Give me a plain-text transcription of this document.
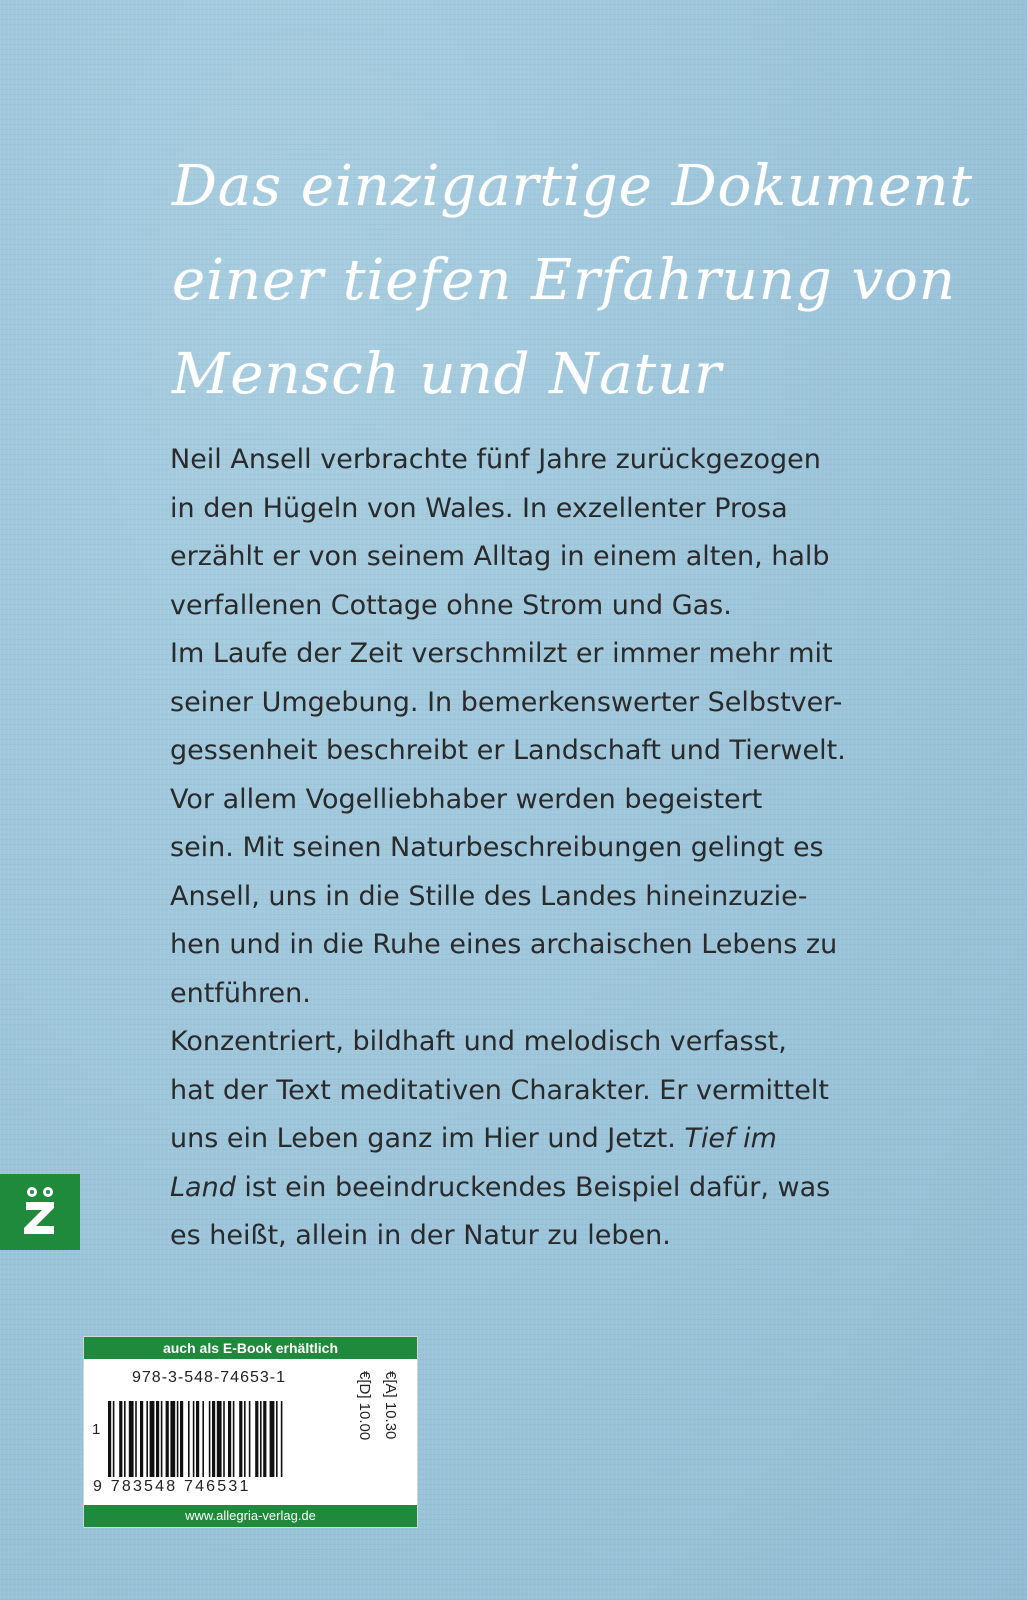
Das einzigartige Dokument
einer tiefen Erfahrung von
Mensch und Natur
Neil Ansell verbrachte fünf Jahre zurückgezogen
in den Hügeln von Wales. In exzellenter Prosa
erzählt er von seinem Alltag in einem alten, halb
verfallenen Cottage ohne Strom und Gas.
Im Laufe der Zeit verschmilzt er immer mehr mit
seiner Umgebung. In bemerkenswerter Selbstver-
gessenheit beschreibt er Landschaft und Tierwelt.
Vor allem Vogelliebhaber werden begeistert
sein. Mit seinen Naturbeschreibungen gelingt es
Ansell, uns in die Stille des Landes hineinzuzie-
hen und in die Ruhe eines archaischen Lebens zu
entführen.
Konzentriert, bildhaft und melodisch verfasst,
hat der Text meditativen Charakter. Er vermittelt
uns ein Leben ganz im Hier und Jetzt. Tief im
Land ist ein beeindruckendes Beispiel dafür, was
es heißt, allein in der Natur zu leben.
auch als E-Book erhältlich
978-3-548-74653-1
1
9 783548 746531
€[D] 10.00 €[A] 10.30
www.allegria-verlag.de
